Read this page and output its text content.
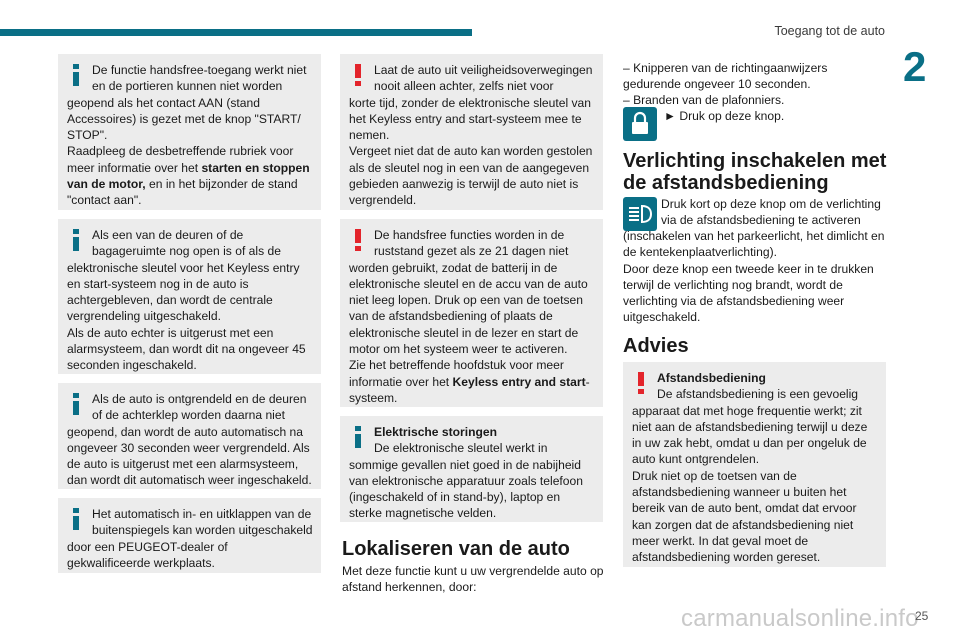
Toegang tot de auto
2

De functie handsfree-toegang werkt niet

en de portieren kunnen niet worden

geopend als het contact AAN (stand Accessoires) is gezet met de knop "START/ STOP".
Raadpleeg de desbetreffende rubriek voor meer informatie over het starten en stoppen van de motor, en in het bijzonder de stand "contact aan".

Als een van de deuren of de

bagageruimte nog open is of als de

elektronische sleutel voor het Keyless entry en start-systeem nog in de auto is achtergebleven, dan wordt de centrale vergrendeling uitgeschakeld.
Als de auto echter is uitgerust met een alarmsysteem, dan wordt dit na ongeveer 45 seconden ingeschakeld.

Als de auto is ontgrendeld en de deuren

of de achterklep worden daarna niet

geopend, dan wordt de auto automatisch na ongeveer 30 seconden weer vergrendeld. Als de auto is uitgerust met een alarmsysteem, dan wordt dit automatisch weer ingeschakeld.

Het automatisch in- en uitklappen van de

buitenspiegels kan worden uitgeschakeld

door een PEUGEOT-dealer of gekwalificeerde werkplaats.

Laat de auto uit veiligheidsoverwegingen

nooit alleen achter, zelfs niet voor

korte tijd, zonder de elektronische sleutel van het Keyless entry and start-systeem mee te nemen.
Vergeet niet dat de auto kan worden gestolen als de sleutel nog in een van de aangegeven gebieden aanwezig is terwijl de auto niet is vergrendeld.

De handsfree functies worden in de

ruststand gezet als ze 21 dagen niet

worden gebruikt, zodat de batterij in de elektronische sleutel en de accu van de auto niet leeg lopen. Druk op een van de toetsen van de afstandsbediening of plaats de elektronische sleutel in de lezer en start de motor om het systeem weer te activeren.
Zie het betreffende hoofdstuk voor meer informatie over het Keyless entry and start-systeem.

Elektrische storingen

De elektronische sleutel werkt in

sommige gevallen niet goed in de nabijheid van elektronische apparatuur zoals telefoon (ingeschakeld of in stand-by), laptop en sterke magnetische velden.

Lokaliseren van de auto
Met deze functie kunt u uw vergrendelde auto op afstand herkennen, door:
– Knipperen van de richtingaanwijzers gedurende ongeveer 10 seconden.
– Branden van de plafonniers.
► Druk op deze knop.
Verlichting inschakelen met de afstandsbediening
Druk kort op deze knop om de verlichting
via de afstandsbediening te activeren
(inschakelen van het parkeerlicht, het dimlicht en de kentekenplaatverlichting).
Door deze knop een tweede keer in te drukken terwijl de verlichting nog brandt, wordt de verlichting via de afstandsbediening weer uitgeschakeld.
Advies

Afstandsbediening

De afstandsbediening is een gevoelig

apparaat dat met hoge frequentie werkt; zit niet aan de afstandsbediening terwijl u deze in uw zak hebt, omdat u dan per ongeluk de auto kunt ontgrendelen.
Druk niet op de toetsen van de afstandsbediening wanneer u buiten het bereik van de auto bent, omdat dat ervoor kan zorgen dat de afstandsbediening niet meer werkt. In dat geval moet de afstandsbediening worden gereset.

carmanualsonline.info
25
